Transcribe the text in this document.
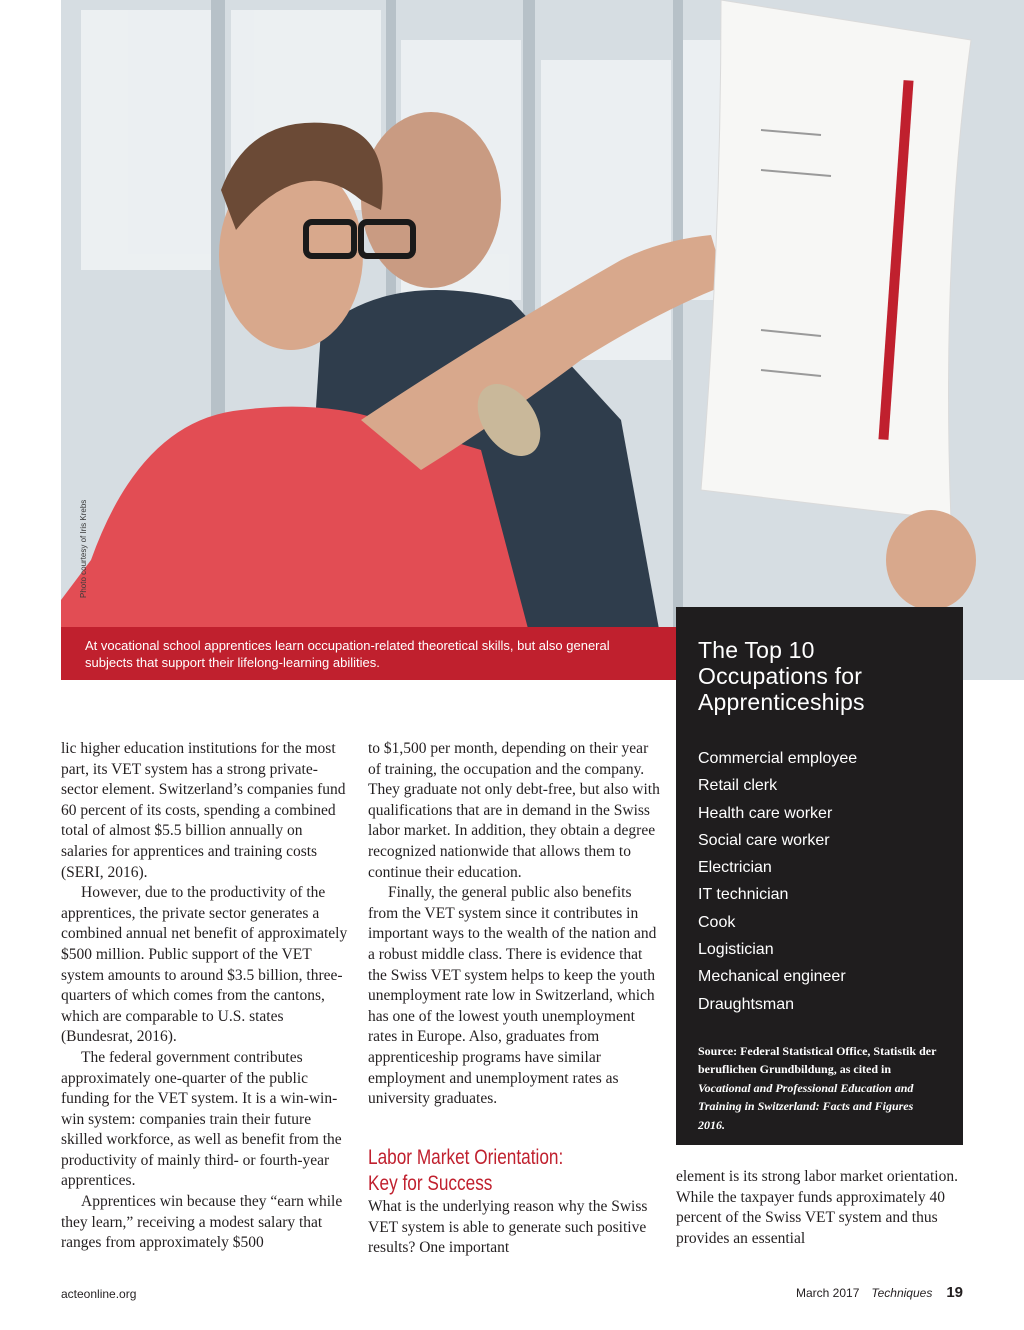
Photo courtesy of Iris Krebs
At vocational school apprentices learn occupation-related theoretical skills, but also general subjects that support their lifelong-learning abilities.	The Top 10 Occupations for Apprenticeships
Commercial employee
Retail clerk
Health care worker
Social care worker
Electrician
IT technician
Cook
Logistician
Mechanical engineer
Draughtsman

Source: Federal Statistical Office, Statistik der beruflichen Grundbildung, as cited in Vocational and Professional Education and Training in Switzerland: Facts and Figures 2016.

lic higher education institutions for the most part, its VET system has a strong private-sector element. Switzerland’s companies fund 60 percent of its costs, spending a combined total of almost $5.5 billion annually on salaries for apprentices and training costs (SERI, 2016).

However, due to the productivity of the apprentices, the private sector generates a combined annual net benefit of approximately $500 million. Public support of the VET system amounts to around $3.5 billion, three-quarters of which comes from the cantons, which are comparable to U.S. states (Bundesrat, 2016).

The federal government contributes approximately one-quarter of the public funding for the VET system. It is a win-win-win system: companies train their future skilled workforce, as well as benefit from the productivity of mainly third- or fourth-year apprentices.

Apprentices win because they “earn while they learn,” receiving a modest salary that ranges from approximately $500

to $1,500 per month, depending on their year of training, the occupation and the company. They graduate not only debt-free, but also with qualifications that are in demand in the Swiss labor market. In addition, they obtain a degree recognized nationwide that allows them to continue their education.

Finally, the general public also benefits from the VET system since it contributes in important ways to the wealth of the nation and a robust middle class. There is evidence that the Swiss VET system helps to keep the youth unemployment rate low in Switzerland, which has one of the lowest youth unemployment rates in Europe. Also, graduates from apprenticeship programs have similar employment and unemployment rates as university graduates.

Labor Market Orientation:
Key for Success

What is the underlying reason why the Swiss VET system is able to generate such positive results? One important

element is its strong labor market orientation. While the taxpayer funds approximately 40 percent of the Swiss VET system and thus provides an essential

acteonline.org	March 2017 Techniques 19
